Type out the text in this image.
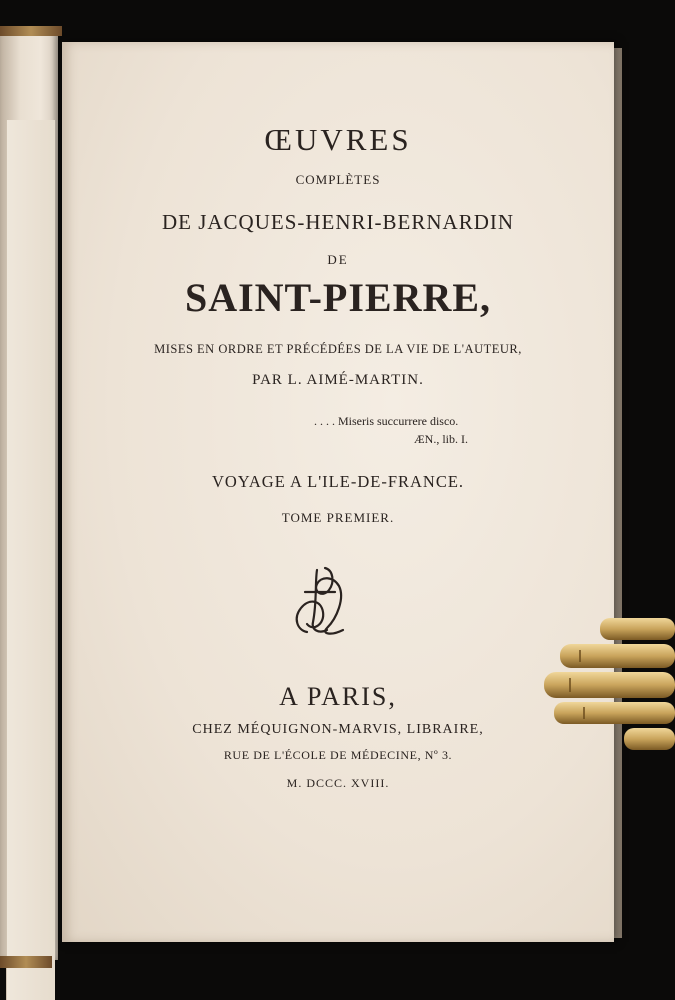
ŒUVRES
COMPLÈTES
DE JACQUES-HENRI-BERNARDIN
DE
SAINT-PIERRE,
MISES EN ORDRE ET PRÉCÉDÉES DE LA VIE DE L'AUTEUR,
PAR L. AIMÉ-MARTIN.
. . . . Miseris succurrere disco.
ÆN., lib. I.
VOYAGE A L'ILE-DE-FRANCE.
TOME PREMIER.
A PARIS,
CHEZ MÉQUIGNON-MARVIS, LIBRAIRE,
RUE DE L'ÉCOLE DE MÉDECINE, Nº 3.
M. DCCC. XVIII.
